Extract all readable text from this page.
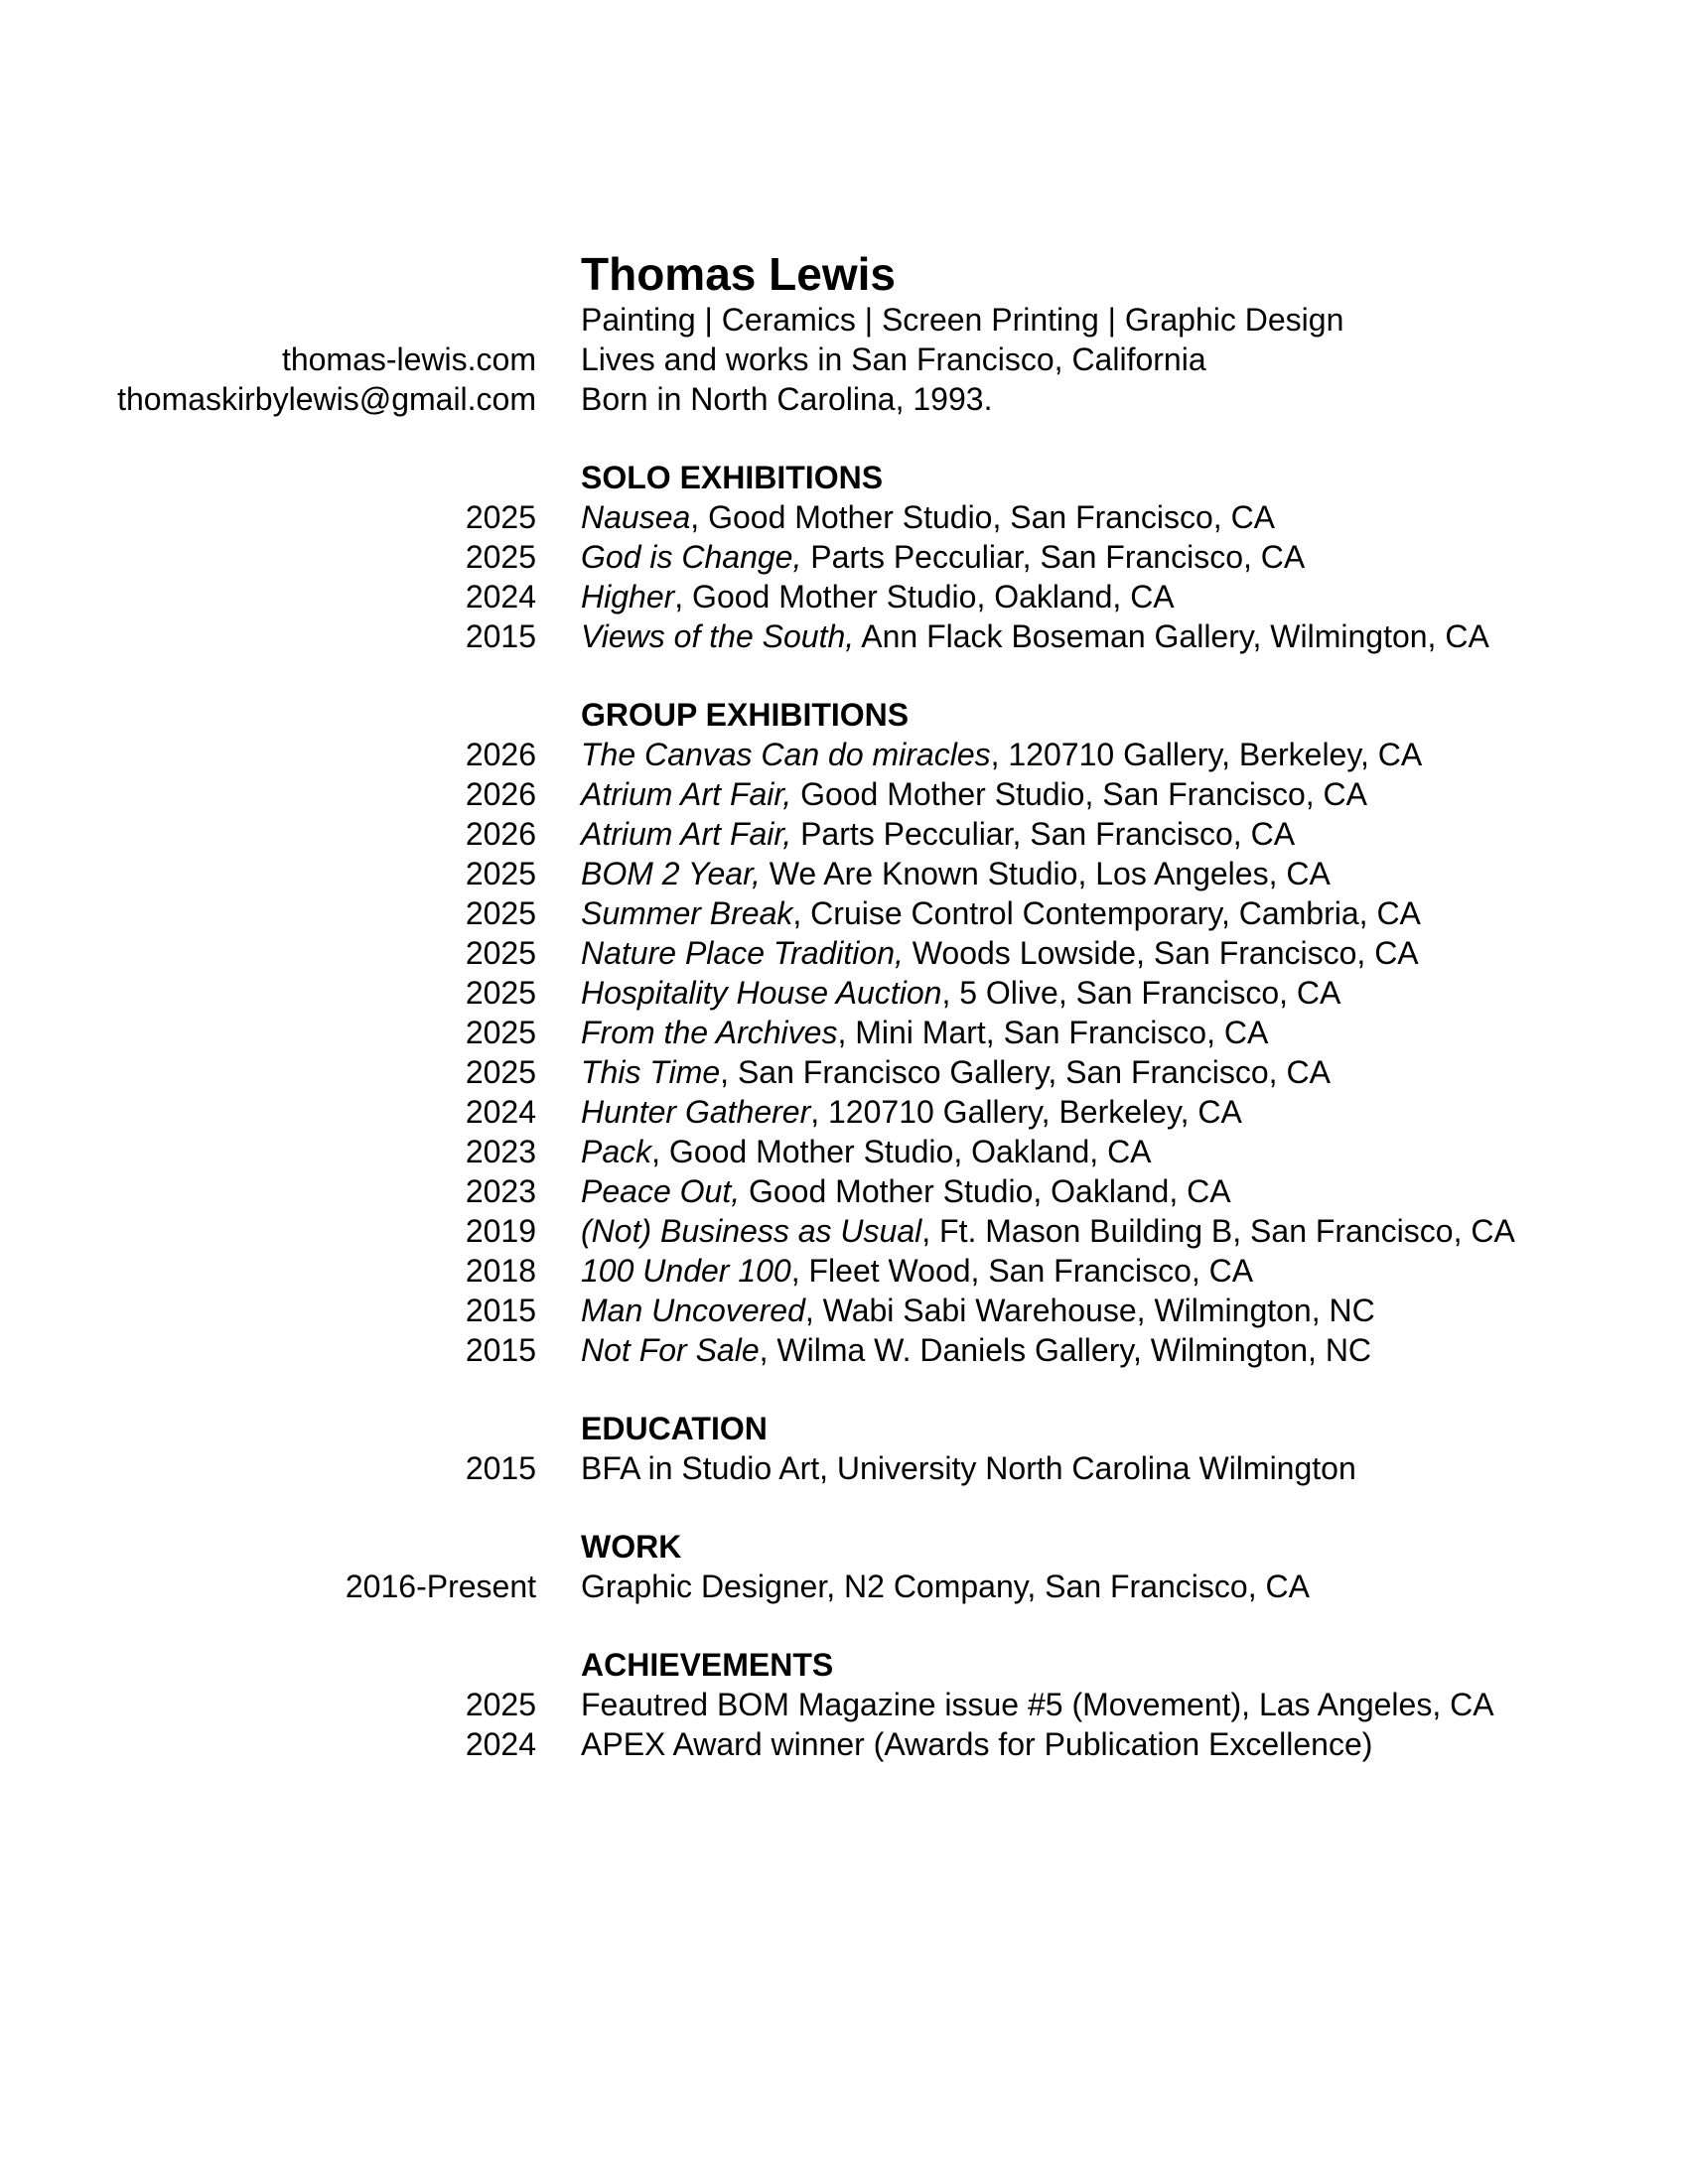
Thomas Lewis
Painting | Ceramics | Screen Printing | Graphic Design
thomas-lewis.com Lives and works in San Francisco, California
thomaskirbylewis@gmail.com Born in North Carolina, 1993.
SOLO EXHIBITIONS
2025 Nausea, Good Mother Studio, San Francisco, CA
2025 God is Change, Parts Pecculiar, San Francisco, CA
2024 Higher, Good Mother Studio, Oakland, CA
2015 Views of the South, Ann Flack Boseman Gallery, Wilmington, CA
GROUP EXHIBITIONS
2026 The Canvas Can do miracles, 120710 Gallery, Berkeley, CA
2026 Atrium Art Fair, Good Mother Studio, San Francisco, CA
2026 Atrium Art Fair, Parts Pecculiar, San Francisco, CA
2025 BOM 2 Year, We Are Known Studio, Los Angeles, CA
2025 Summer Break, Cruise Control Contemporary, Cambria, CA
2025 Nature Place Tradition, Woods Lowside, San Francisco, CA
2025 Hospitality House Auction, 5 Olive, San Francisco, CA
2025 From the Archives, Mini Mart, San Francisco, CA
2025 This Time, San Francisco Gallery, San Francisco, CA
2024 Hunter Gatherer, 120710 Gallery, Berkeley, CA
2023 Pack, Good Mother Studio, Oakland, CA
2023 Peace Out, Good Mother Studio, Oakland, CA
2019 (Not) Business as Usual, Ft. Mason Building B, San Francisco, CA
2018 100 Under 100, Fleet Wood, San Francisco, CA
2015 Man Uncovered, Wabi Sabi Warehouse, Wilmington, NC
2015 Not For Sale, Wilma W. Daniels Gallery, Wilmington, NC
EDUCATION
2015 BFA in Studio Art, University North Carolina Wilmington
WORK
2016-Present Graphic Designer, N2 Company, San Francisco, CA
ACHIEVEMENTS
2025 Feautred BOM Magazine issue #5 (Movement), Las Angeles, CA
2024 APEX Award winner (Awards for Publication Excellence)
